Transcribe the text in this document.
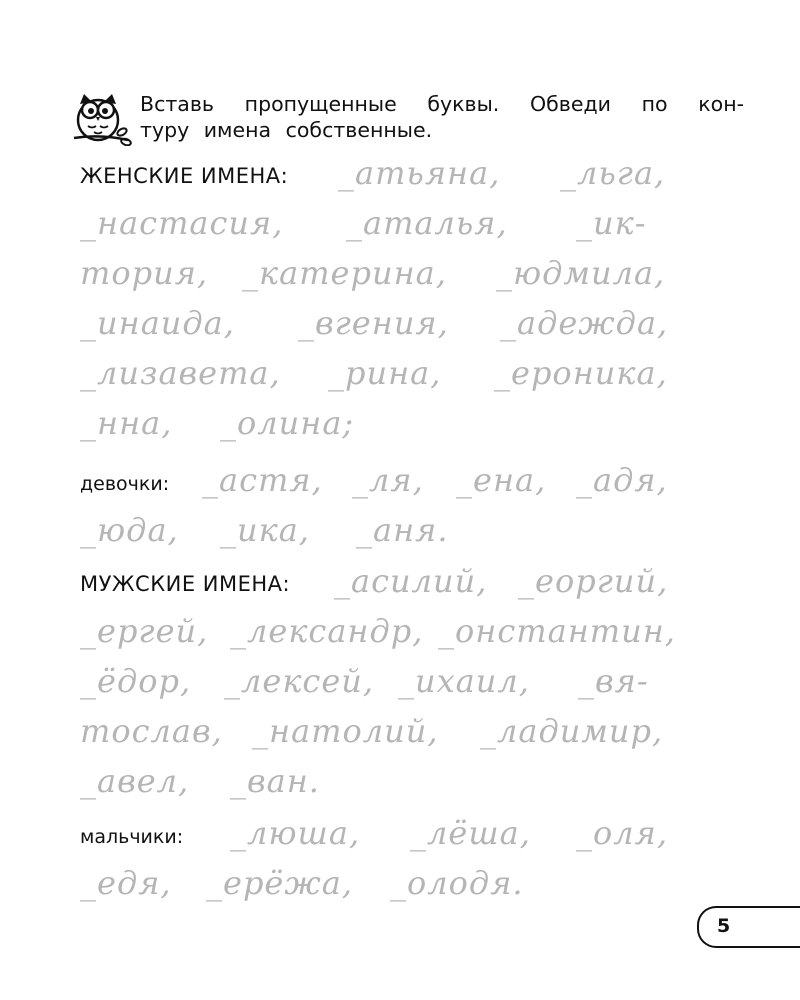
Вставь пропущенные буквы. Обведи по кон-
туру имена собственные.
ЖЕНСКИЕ ИМЕНА: _атьяна, _льга,
_настасия, _аталья, _ик-
тория, _катерина, _юдмила,
_инаида, _вгения, _адежда,
_лизавета, _рина, _ероника,
_нна, _олина;
девочки: _астя, _ля, _ена, _адя,
_юда, _ика, _аня.
МУЖСКИЕ ИМЕНА: _асилий, _еоргий,
_ергей, _лександр, _онстантин,
_ёдор, _лексей, _ихаил, _вя-
тослав, _натолий, _ладимир,
_авел, _ван.
мальчики: _люша, _лёша, _оля,
_едя, _ерёжа, _олодя.
5
